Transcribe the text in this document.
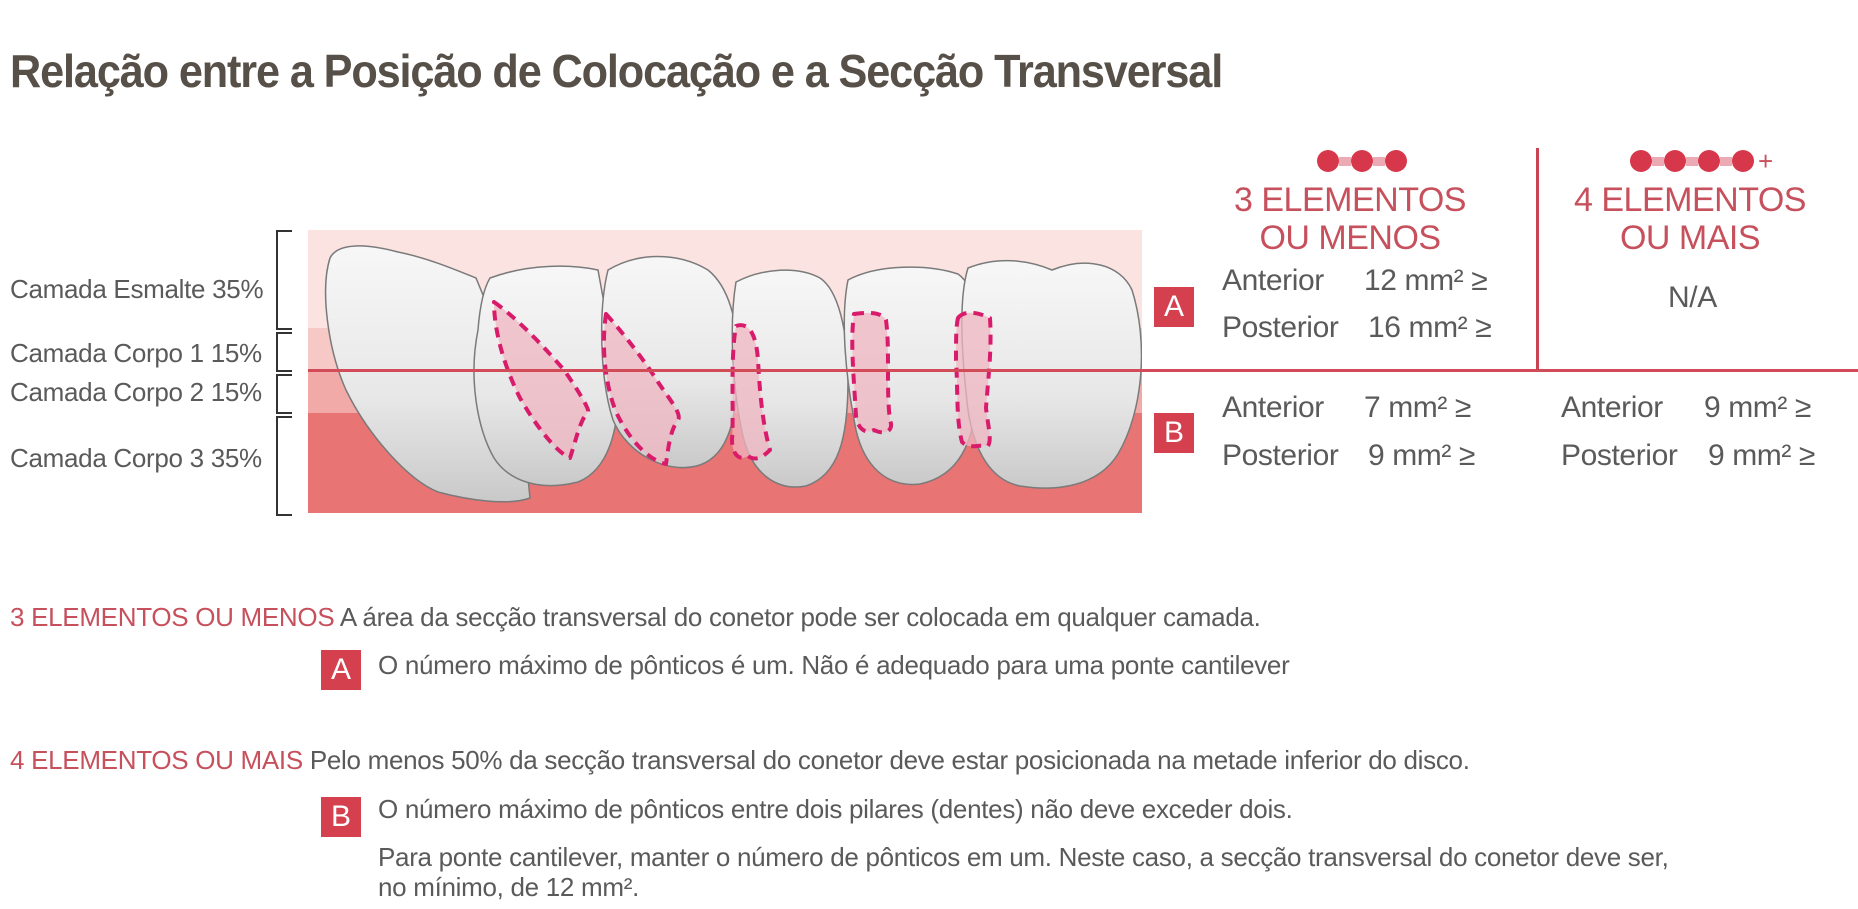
Relação entre a Posição de Colocação e a Secção Transversal
Camada Esmalte 35%
Camada Corpo 1 15%
Camada Corpo 2 15%
Camada Corpo 3 35%
3 ELEMENTOS
OU MENOS
+
4 ELEMENTOS
OU MAIS
A
Anterior 12 mm² ≥
Posterior 16 mm² ≥
N/A
B
Anterior 7 mm² ≥
Posterior 9 mm² ≥
Anterior 9 mm² ≥
Posterior 9 mm² ≥
3 ELEMENTOS OU MENOS A área da secção transversal do conetor pode ser colocada em qualquer camada.
A	O número máximo de pônticos é um. Não é adequado para uma ponte cantilever
4 ELEMENTOS OU MAIS Pelo menos 50% da secção transversal do conetor deve estar posicionada na metade inferior do disco.
B	O número máximo de pônticos entre dois pilares (dentes) não deve exceder dois.
Para ponte cantilever, manter o número de pônticos em um. Neste caso, a secção transversal do conetor deve ser,
no mínimo, de 12 mm².
